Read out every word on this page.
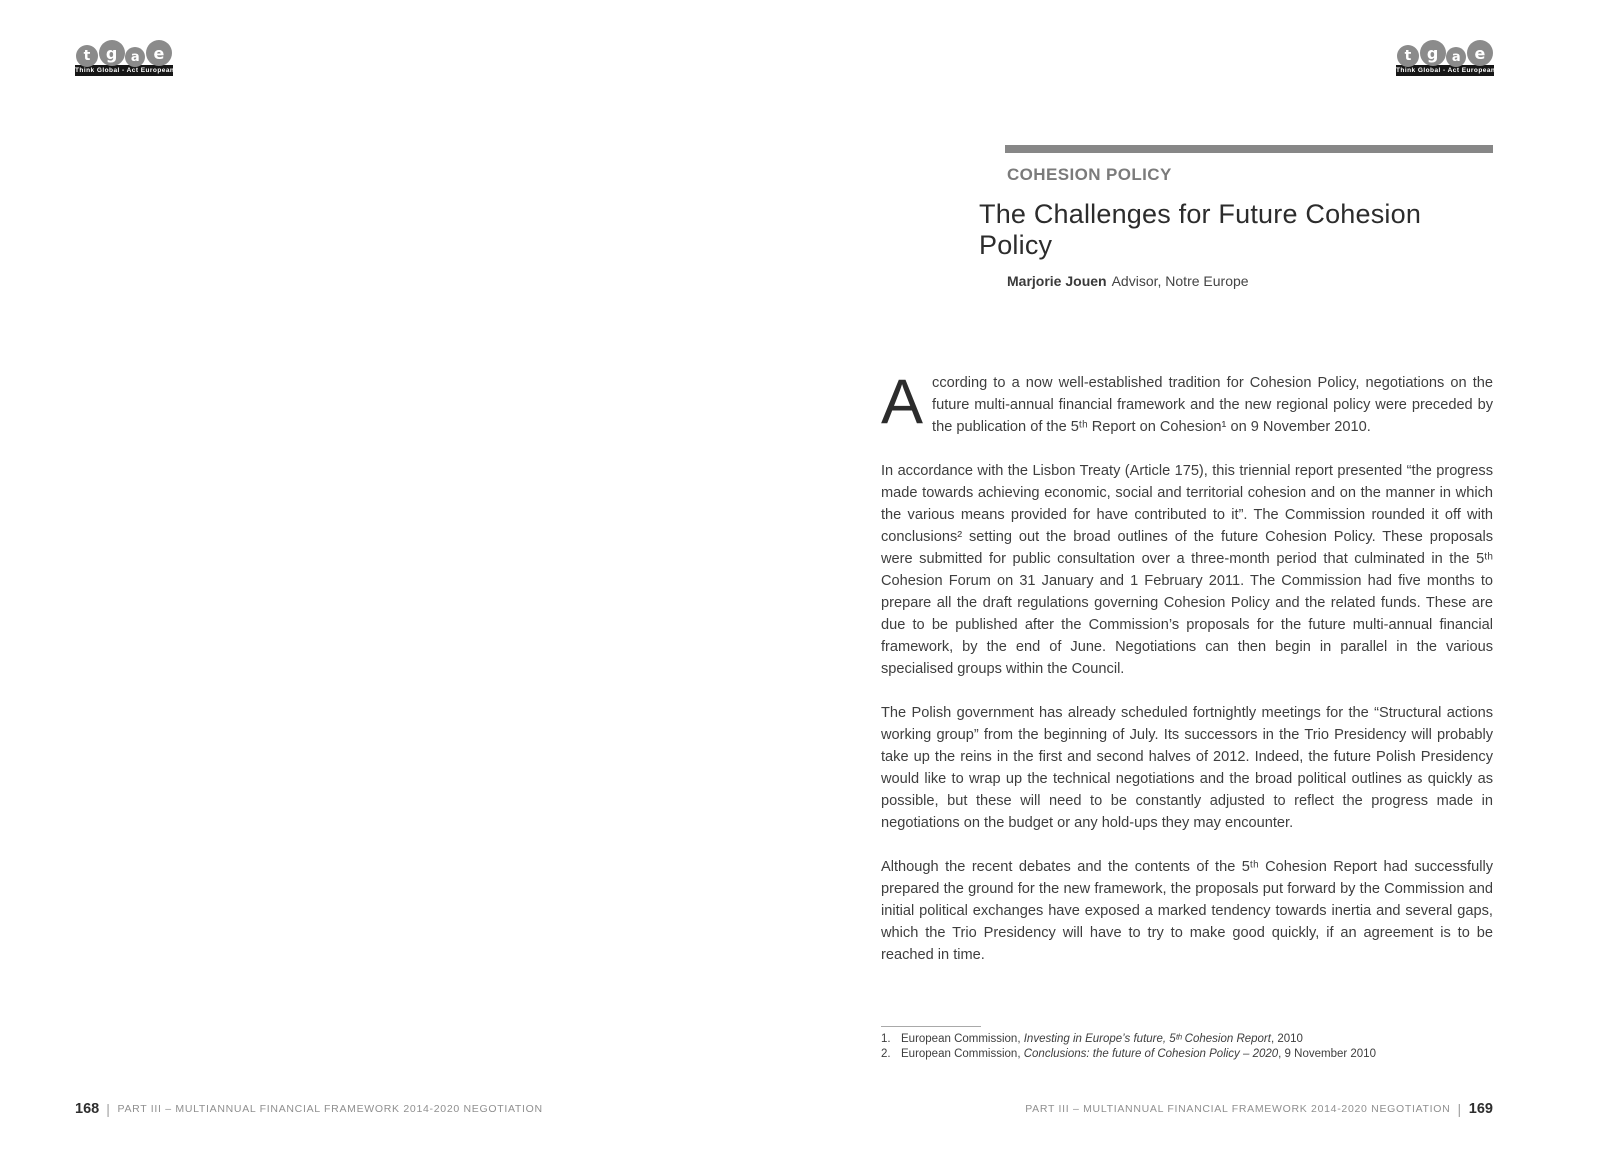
t g	a e
Think Global - Act European
t g	a e
Think Global - Act European
COHESION POLICY
The Challenges for Future Cohesion Policy
Marjorie Jouen Advisor, Notre Europe

According to a now well-established tradition for Cohesion Policy, negotiations on the future multi-annual financial framework and the new regional policy were preceded by the publication of the 5ᵗʰ Report on Cohesion¹ on 9 November 2010.

In accordance with the Lisbon Treaty (Article 175), this triennial report presented “the progress made towards achieving economic, social and territorial cohesion and on the manner in which the various means provided for have contributed to it”. The Commission rounded it off with conclusions² setting out the broad outlines of the future Cohesion Policy. These proposals were submitted for public consultation over a three-month period that culminated in the 5ᵗʰ Cohesion Forum on 31 January and 1 February 2011. The Commission had five months to prepare all the draft regulations governing Cohesion Policy and the related funds. These are due to be published after the Commission’s proposals for the future multi-annual financial framework, by the end of June. Negotiations can then begin in parallel in the various specialised groups within the Council.

The Polish government has already scheduled fortnightly meetings for the “Structural actions working group” from the beginning of July. Its successors in the Trio Presidency will probably take up the reins in the first and second halves of 2012. Indeed, the future Polish Presidency would like to wrap up the technical negotiations and the broad political outlines as quickly as possible, but these will need to be constantly adjusted to reflect the progress made in negotiations on the budget or any hold-ups they may encounter.

Although the recent debates and the contents of the 5ᵗʰ Cohesion Report had successfully prepared the ground for the new framework, the proposals put forward by the Commission and initial political exchanges have exposed a marked tendency towards inertia and several gaps, which the Trio Presidency will have to try to make good quickly, if an agreement is to be reached in time.

1. European Commission, Investing in Europe’s future, 5ᵗʰ Cohesion Report, 2010
2. European Commission, Conclusions: the future of Cohesion Policy – 2020, 9 November 2010
168 | PART III – MULTIANNUAL FINANCIAL FRAMEWORK 2014-2020 NEGOTIATION	PART III – MULTIANNUAL FINANCIAL FRAMEWORK 2014-2020 NEGOTIATION | 169
